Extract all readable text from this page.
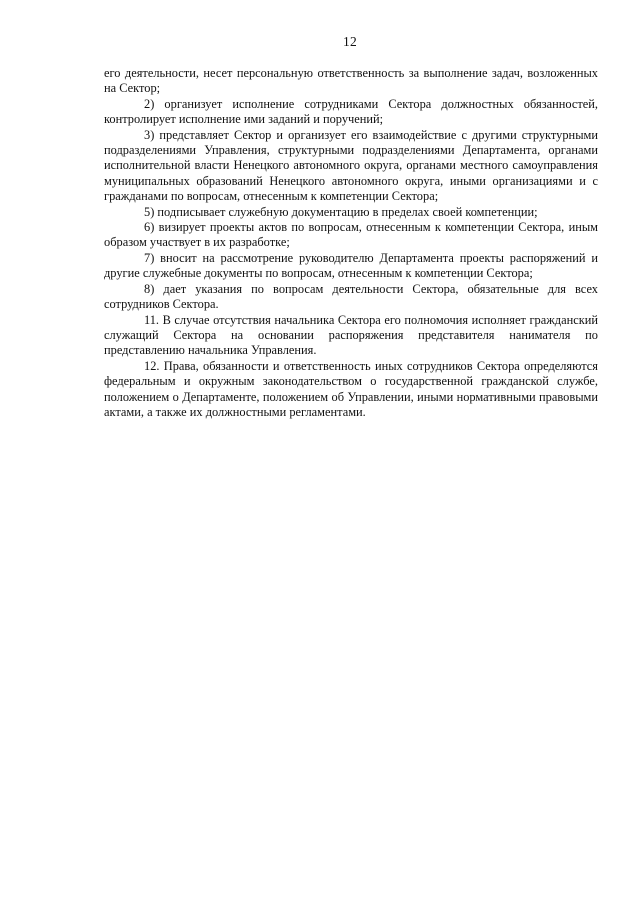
12

его деятельности, несет персональную ответственность за выполнение задач, возложенных на Сектор;

2) организует исполнение сотрудниками Сектора должностных обязанностей, контролирует исполнение ими заданий и поручений;

3) представляет Сектор и организует его взаимодействие с другими структурными подразделениями Управления, структурными подразделениями Департамента, органами исполнительной власти Ненецкого автономного округа, органами местного самоуправления муниципальных образований Ненецкого автономного округа, иными организациями и с гражданами по вопросам, отнесенным к компетенции Сектора;

5) подписывает служебную документацию в пределах своей компетенции;

6) визирует проекты актов по вопросам, отнесенным к компетенции Сектора, иным образом участвует в их разработке;

7) вносит на рассмотрение руководителю Департамента проекты распоряжений и другие служебные документы по вопросам, отнесенным к компетенции Сектора;

8) дает указания по вопросам деятельности Сектора, обязательные для всех сотрудников Сектора.

11. В случае отсутствия начальника Сектора его полномочия исполняет гражданский служащий Сектора на основании распоряжения представителя нанимателя по представлению начальника Управления.

12. Права, обязанности и ответственность иных сотрудников Сектора определяются федеральным и окружным законодательством о государственной гражданской службе, положением о Департаменте, положением об Управлении, иными нормативными правовыми актами, а также их должностными регламентами.
